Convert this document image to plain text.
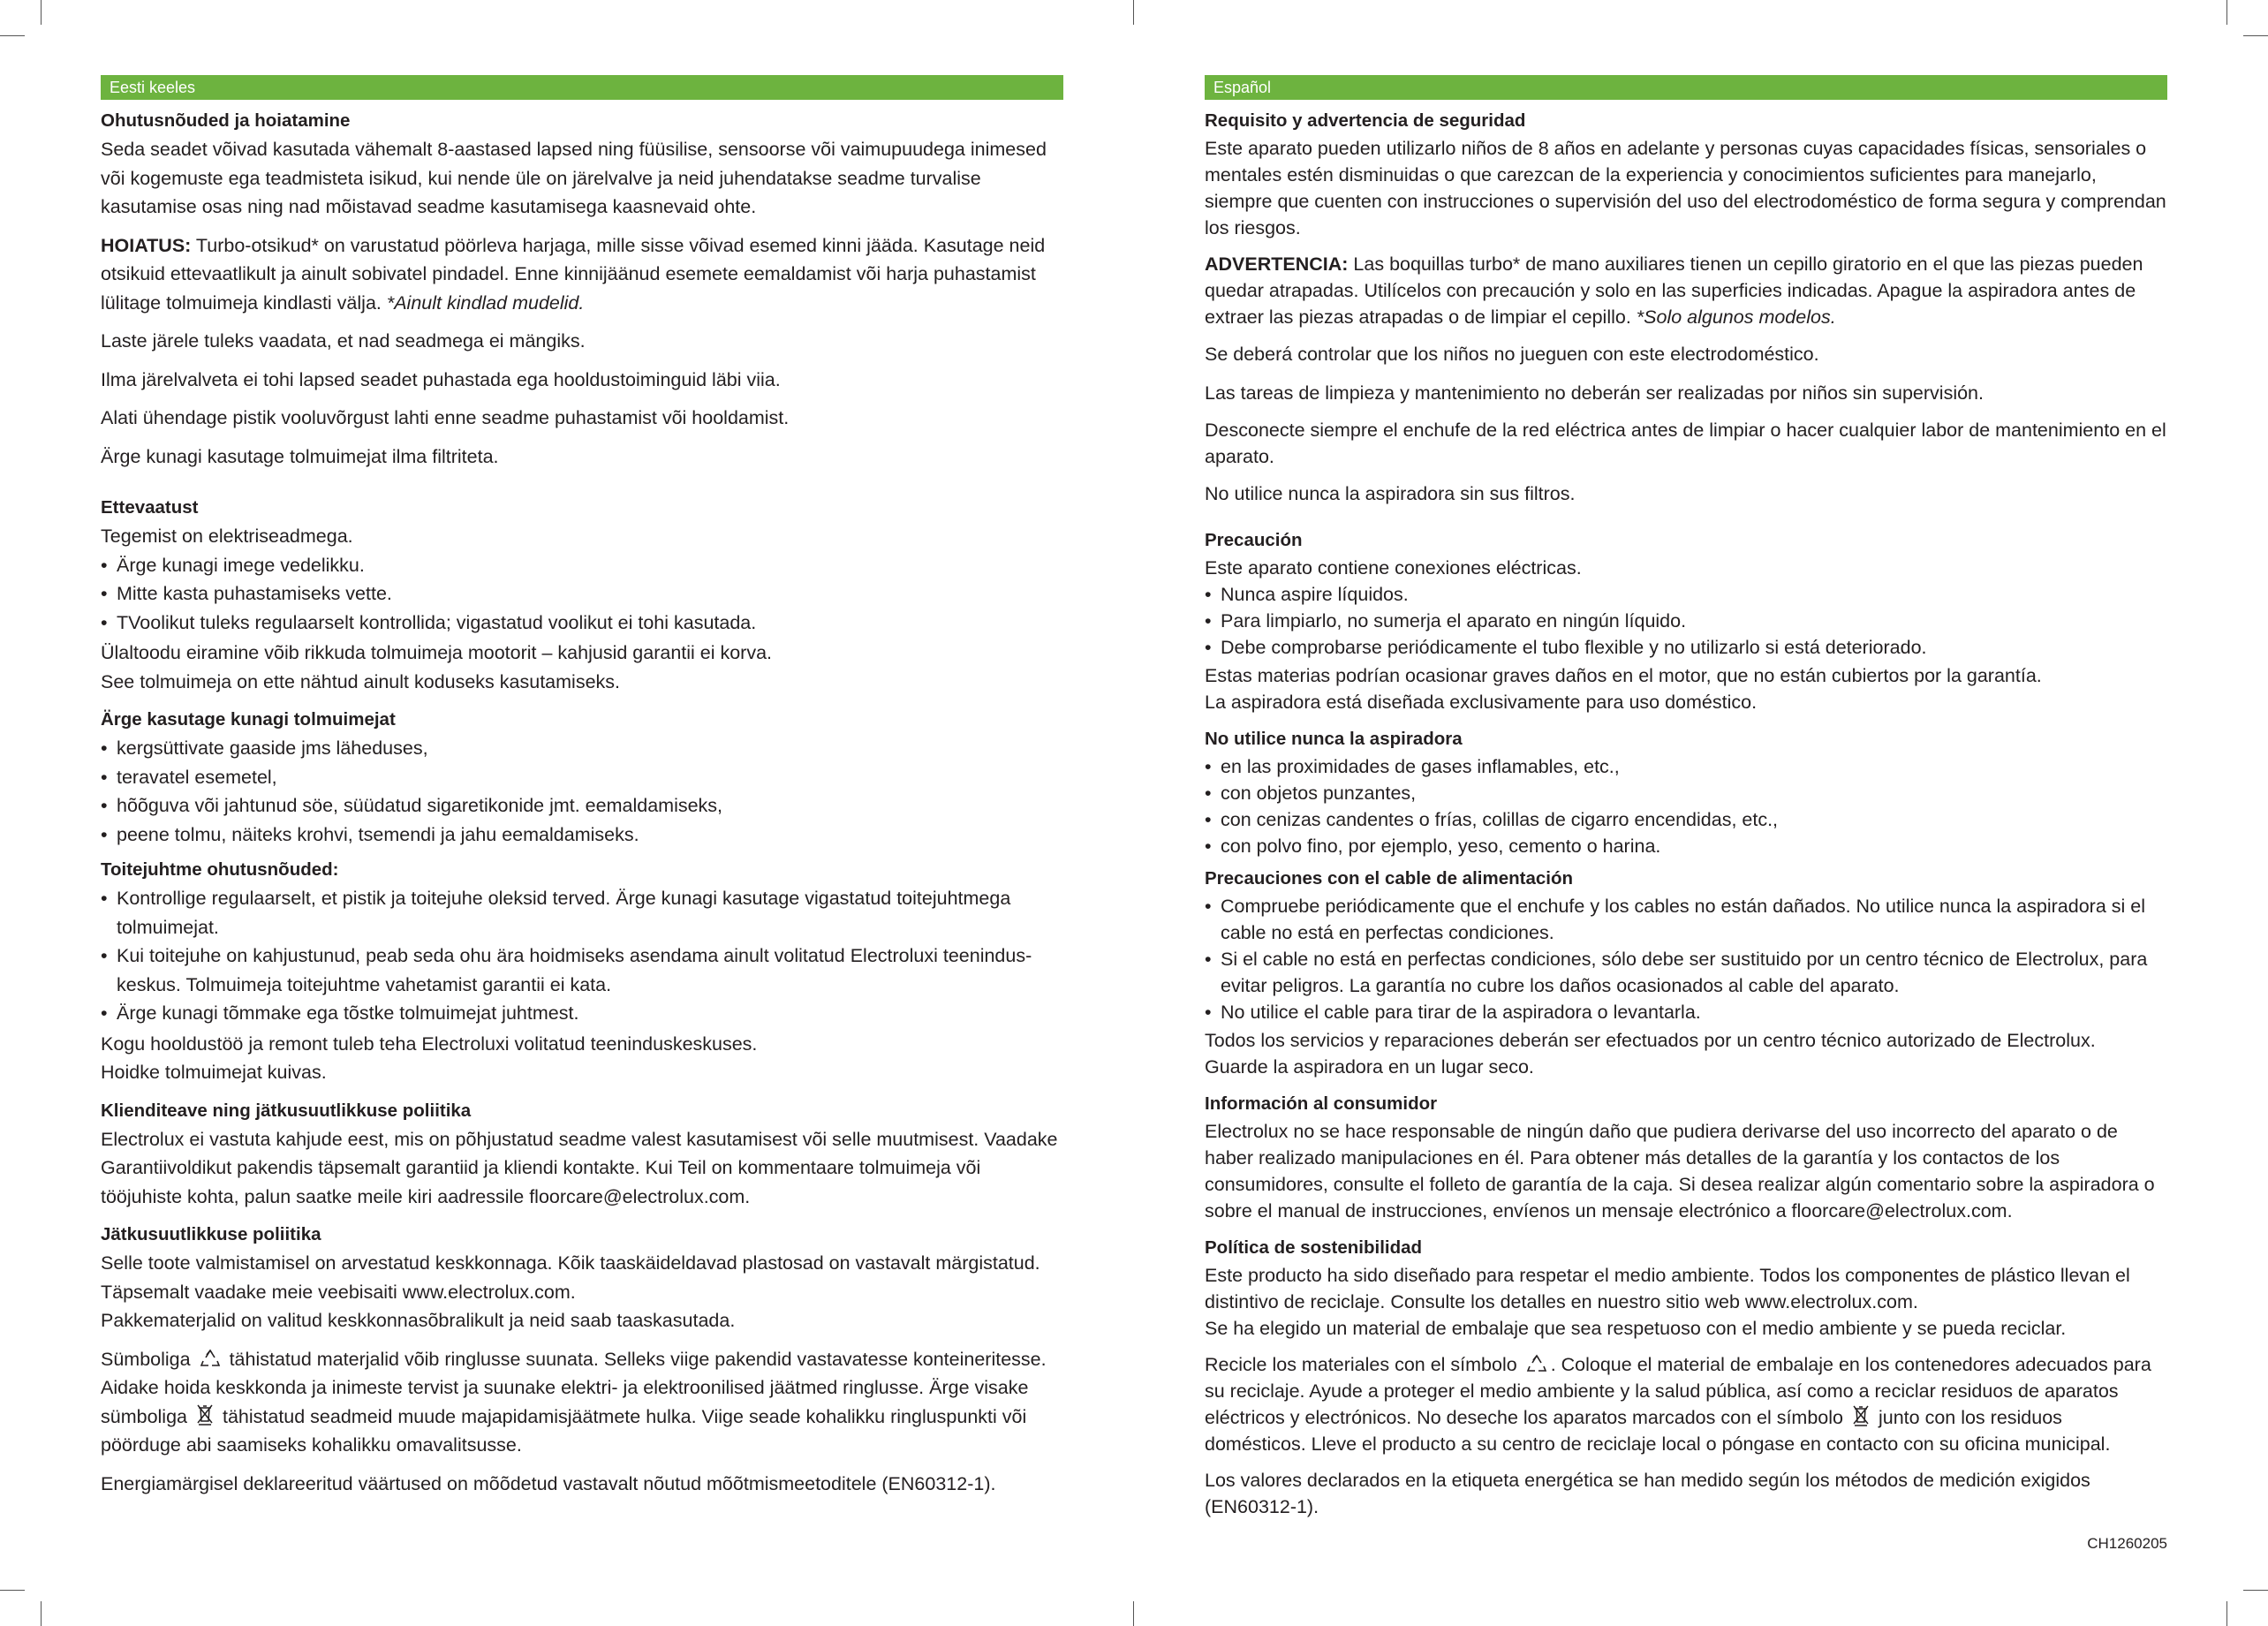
Eesti keeles
Ohutusnõuded ja hoiatamine
Seda seadet võivad kasutada vähemalt 8-aastased lapsed ning füüsilise, sensoorse või vaimupuudega inimesed või kogemuste ega teadmisteta isikud, kui nende üle on järelvalve ja neid juhendatakse seadme turvalise kasutamise osas ning nad mõistavad seadme kasutamisega kaasnevaid ohte.
HOIATUS: Turbo-otsikud* on varustatud pöörleva harjaga, mille sisse võivad esemed kinni jääda. Kasutage neid otsikuid ettevaatlikult ja ainult sobivatel pindadel. Enne kinnijäänud esemete eemaldamist või harja puhastamist lülitage tolmuimeja kindlasti välja. *Ainult kindlad mudelid.
Laste järele tuleks vaadata, et nad seadmega ei mängiks.
Ilma järelvalveta ei tohi lapsed seadet puhastada ega hooldustoiminguid läbi viia.
Alati ühendage pistik vooluvõrgust lahti enne seadme puhastamist või hooldamist.
Ärge kunagi kasutage tolmuimejat ilma filtriteta.
Ettevaatust
Tegemist on elektriseadmega.
• Ärge kunagi imege vedelikku.
• Mitte kasta puhastamiseks vette.
• TVoolikut tuleks regulaarselt kontrollida; vigastatud voolikut ei tohi kasutada.
Ülaltoodu eiramine võib rikkuda tolmuimeja mootorit – kahjusid garantii ei korva.
See tolmuimeja on ette nähtud ainult koduseks kasutamiseks.
Ärge kasutage kunagi tolmuimejat
• kergsüttivate gaaside jms läheduses,
• teravatel esemetel,
• hõõguva või jahtunud söe, süüdatud sigaretikonide jmt. eemaldamiseks,
• peene tolmu, näiteks krohvi, tsemendi ja jahu eemaldamiseks.
Toitejuhtme ohutusnõuded:
• Kontrollige regulaarselt, et pistik ja toitejuhe oleksid terved. Ärge kunagi kasutage vigastatud toitejuhtmega tolmuimejat.
• Kui toitejuhe on kahjustunud, peab seda ohu ära hoidmiseks asendama ainult volitatud Electroluxi teeninduskeskus. Tolmuimeja toitejuhtme vahetamist garantii ei kata.
• Ärge kunagi tõmmake ega tõstke tolmuimejat juhtmest.
Kogu hooldustöö ja remont tuleb teha Electroluxi volitatud teeninduskeskuses.
Hoidke tolmuimejat kuivas.
Klienditeave ning jätkusuutlikkuse poliitika
Electrolux ei vastuta kahjude eest, mis on põhjustatud seadme valest kasutamisest või selle muutmisest. Vaadake Garantiivoldikut pakendis täpsemalt garantiid ja kliendi kontakte. Kui Teil on kommentaare tolmuimeja või tööjuhiste kohta, palun saatke meile kiri aadressile floorcare@electrolux.com.
Jätkusuutlikkuse poliitika
Selle toote valmistamisel on arvestatud keskkonnaga. Kõik taaskäideldavad plastosad on vastavalt märgistatud.
Täpsemalt vaadake meie veebisaiti www.electrolux.com.
Pakkematerjalid on valitud keskkonnasõbralikult ja neid saab taaskasutada.
Sümboliga tähistatud materjalid võib ringlusse suunata. Selleks viige pakendid vastavatesse konteineritesse. Aidake hoida keskkonda ja inimeste tervist ja suunake elektri- ja elektroonilised jäätmed ringlusse. Ärge visake sümboliga tähistatud seadmeid muude majapidamisjäätmete hulka. Viige seade kohalikku ringluspunkti või pöörduge abi saamiseks kohalikku omavalitsusse.
Energiamärgisel deklareeritud väärtused on mõõdetud vastavalt nõutud mõõtmismeetoditele (EN60312-1).
Español
Requisito y advertencia de seguridad
Este aparato pueden utilizarlo niños de 8 años en adelante y personas cuyas capacidades físicas, sensoriales o mentales estén disminuidas o que carezcan de la experiencia y conocimientos suficientes para manejarlo, siempre que cuenten con instrucciones o supervisión del uso del electrodoméstico de forma segura y comprendan los riesgos.
ADVERTENCIA: Las boquillas turbo* de mano auxiliares tienen un cepillo giratorio en el que las piezas pueden quedar atrapadas. Utilícelos con precaución y solo en las superficies indicadas. Apague la aspiradora antes de extraer las piezas atrapadas o de limpiar el cepillo. *Solo algunos modelos.
Se deberá controlar que los niños no jueguen con este electrodoméstico.
Las tareas de limpieza y mantenimiento no deberán ser realizadas por niños sin supervisión.
Desconecte siempre el enchufe de la red eléctrica antes de limpiar o hacer cualquier labor de mantenimiento en el aparato.
No utilice nunca la aspiradora sin sus filtros.
Precaución
Este aparato contiene conexiones eléctricas.
• Nunca aspire líquidos.
• Para limpiarlo, no sumerja el aparato en ningún líquido.
• Debe comprobarse periódicamente el tubo flexible y no utilizarlo si está deteriorado.
Estas materias podrían ocasionar graves daños en el motor, que no están cubiertos por la garantía.
La aspiradora está diseñada exclusivamente para uso doméstico.
No utilice nunca la aspiradora
• en las proximidades de gases inflamables, etc.,
• con objetos punzantes,
• con cenizas candentes o frías, colillas de cigarro encendidas, etc.,
• con polvo fino, por ejemplo, yeso, cemento o harina.
Precauciones con el cable de alimentación
• Compruebe periódicamente que el enchufe y los cables no están dañados. No utilice nunca la aspiradora si el cable no está en perfectas condiciones.
• Si el cable no está en perfectas condiciones, sólo debe ser sustituido por un centro técnico de Electrolux, para evitar peligros. La garantía no cubre los daños ocasionados al cable del aparato.
• No utilice el cable para tirar de la aspiradora o levantarla.
Todos los servicios y reparaciones deberán ser efectuados por un centro técnico autorizado de Electrolux.
Guarde la aspiradora en un lugar seco.
Información al consumidor
Electrolux no se hace responsable de ningún daño que pudiera derivarse del uso incorrecto del aparato o de haber realizado manipulaciones en él. Para obtener más detalles de la garantía y los contactos de los consumidores, consulte el folleto de garantía de la caja. Si desea realizar algún comentario sobre la aspiradora o sobre el manual de instrucciones, envíenos un mensaje electrónico a floorcare@electrolux.com.
Política de sostenibilidad
Este producto ha sido diseñado para respetar el medio ambiente. Todos los componentes de plástico llevan el distintivo de reciclaje. Consulte los detalles en nuestro sitio web www.electrolux.com.
Se ha elegido un material de embalaje que sea respetuoso con el medio ambiente y se pueda reciclar.
Recicle los materiales con el símbolo . Coloque el material de embalaje en los contenedores adecuados para su reciclaje. Ayude a proteger el medio ambiente y la salud pública, así como a reciclar residuos de aparatos eléctricos y electrónicos. No deseche los aparatos marcados con el símbolo junto con los residuos domésticos. Lleve el producto a su centro de reciclaje local o póngase en contacto con su oficina municipal.
Los valores declarados en la etiqueta energética se han medido según los métodos de medición exigidos (EN60312-1).
CH1260205
